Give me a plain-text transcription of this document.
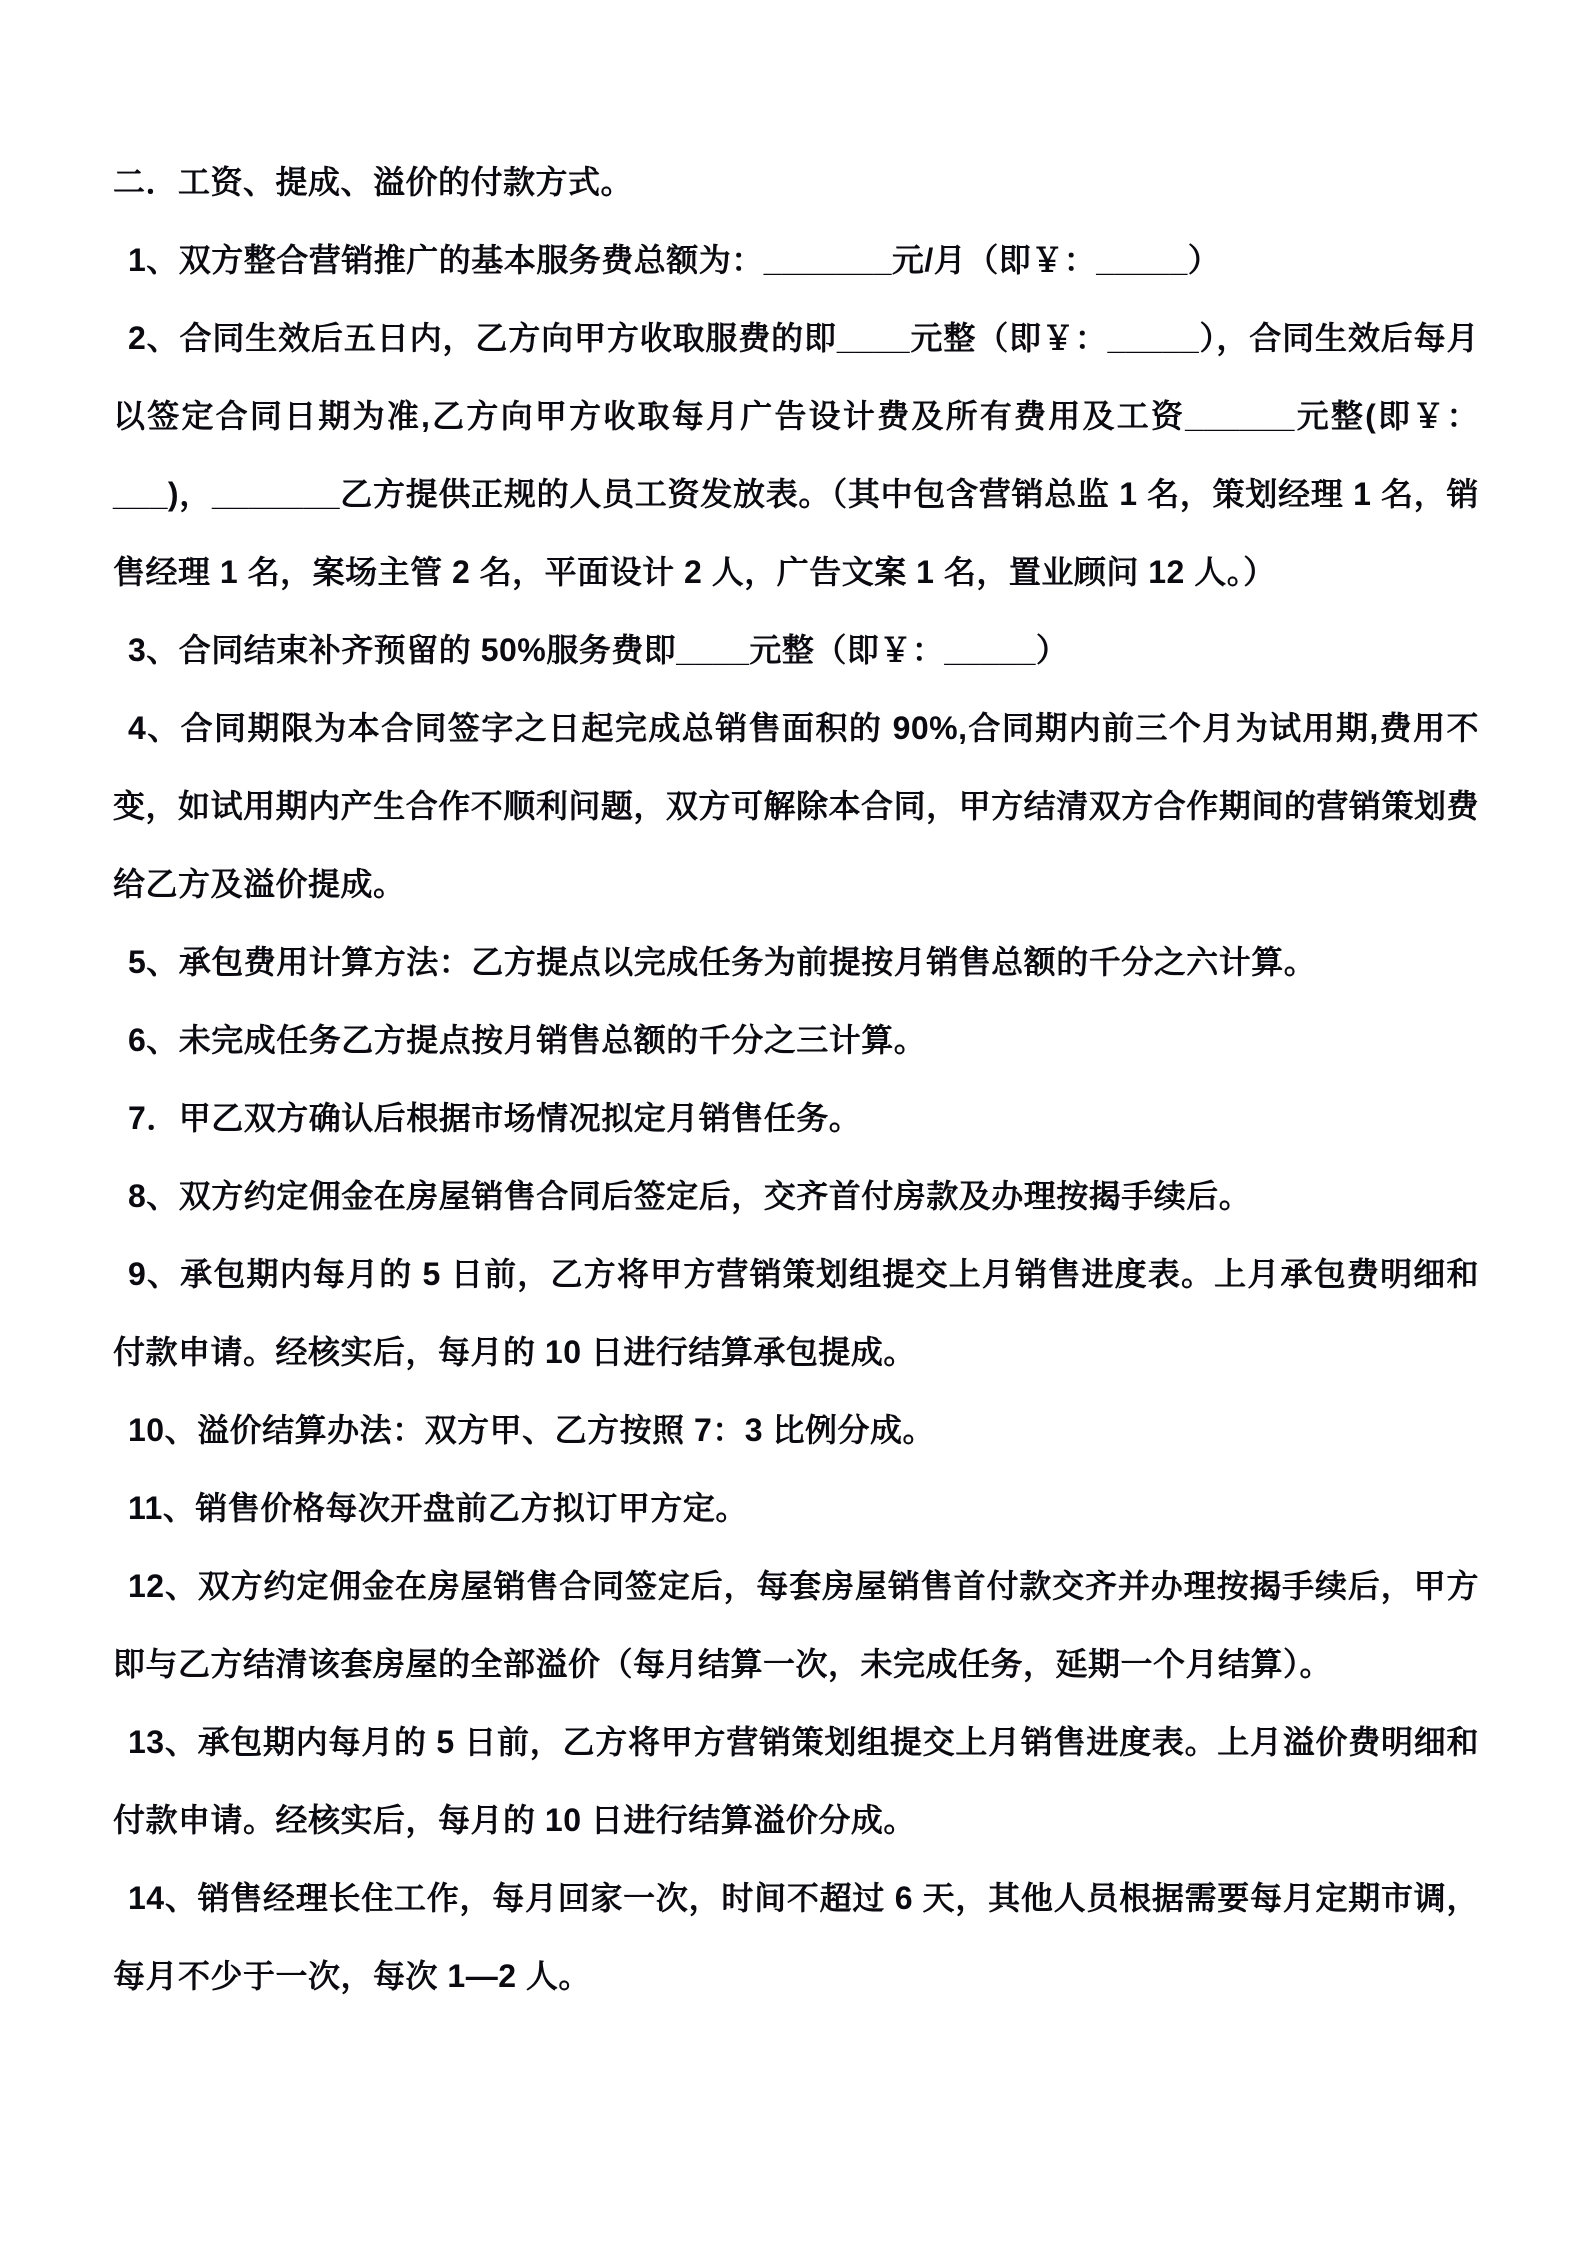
二．工资、提成、溢价的付款方式。

1、双方整合营销推广的基本服务费总额为：_______元/月（即￥：_____）

2、合同生效后五日内，乙方向甲方收取服费的即____元整（即￥：_____），合同生效后每月以签定合同日期为准,乙方向甲方收取每月广告设计费及所有费用及工资______元整(即￥：___)，_______乙方提供正规的人员工资发放表。（其中包含营销总监 1 名，策划经理 1 名，销售经理 1 名，案场主管 2 名，平面设计 2 人，广告文案 1 名，置业顾问 12 人。）

3、合同结束补齐预留的 50%服务费即____元整（即￥：_____）

4、合同期限为本合同签字之日起完成总销售面积的 90%,合同期内前三个月为试用期,费用不变，如试用期内产生合作不顺利问题，双方可解除本合同，甲方结清双方合作期间的营销策划费给乙方及溢价提成。

5、承包费用计算方法：乙方提点以完成任务为前提按月销售总额的千分之六计算。

6、未完成任务乙方提点按月销售总额的千分之三计算。

7．甲乙双方确认后根据市场情况拟定月销售任务。

8、双方约定佣金在房屋销售合同后签定后，交齐首付房款及办理按揭手续后。

9、承包期内每月的 5 日前，乙方将甲方营销策划组提交上月销售进度表。上月承包费明细和付款申请。经核实后，每月的 10 日进行结算承包提成。

10、溢价结算办法：双方甲、乙方按照 7：3 比例分成。

11、销售价格每次开盘前乙方拟订甲方定。

12、双方约定佣金在房屋销售合同签定后，每套房屋销售首付款交齐并办理按揭手续后，甲方即与乙方结清该套房屋的全部溢价（每月结算一次，未完成任务，延期一个月结算）。

13、承包期内每月的 5 日前，乙方将甲方营销策划组提交上月销售进度表。上月溢价费明细和付款申请。经核实后，每月的 10 日进行结算溢价分成。

14、销售经理长住工作，每月回家一次，时间不超过 6 天，其他人员根据需要每月定期市调，每月不少于一次，每次 1—2 人。
